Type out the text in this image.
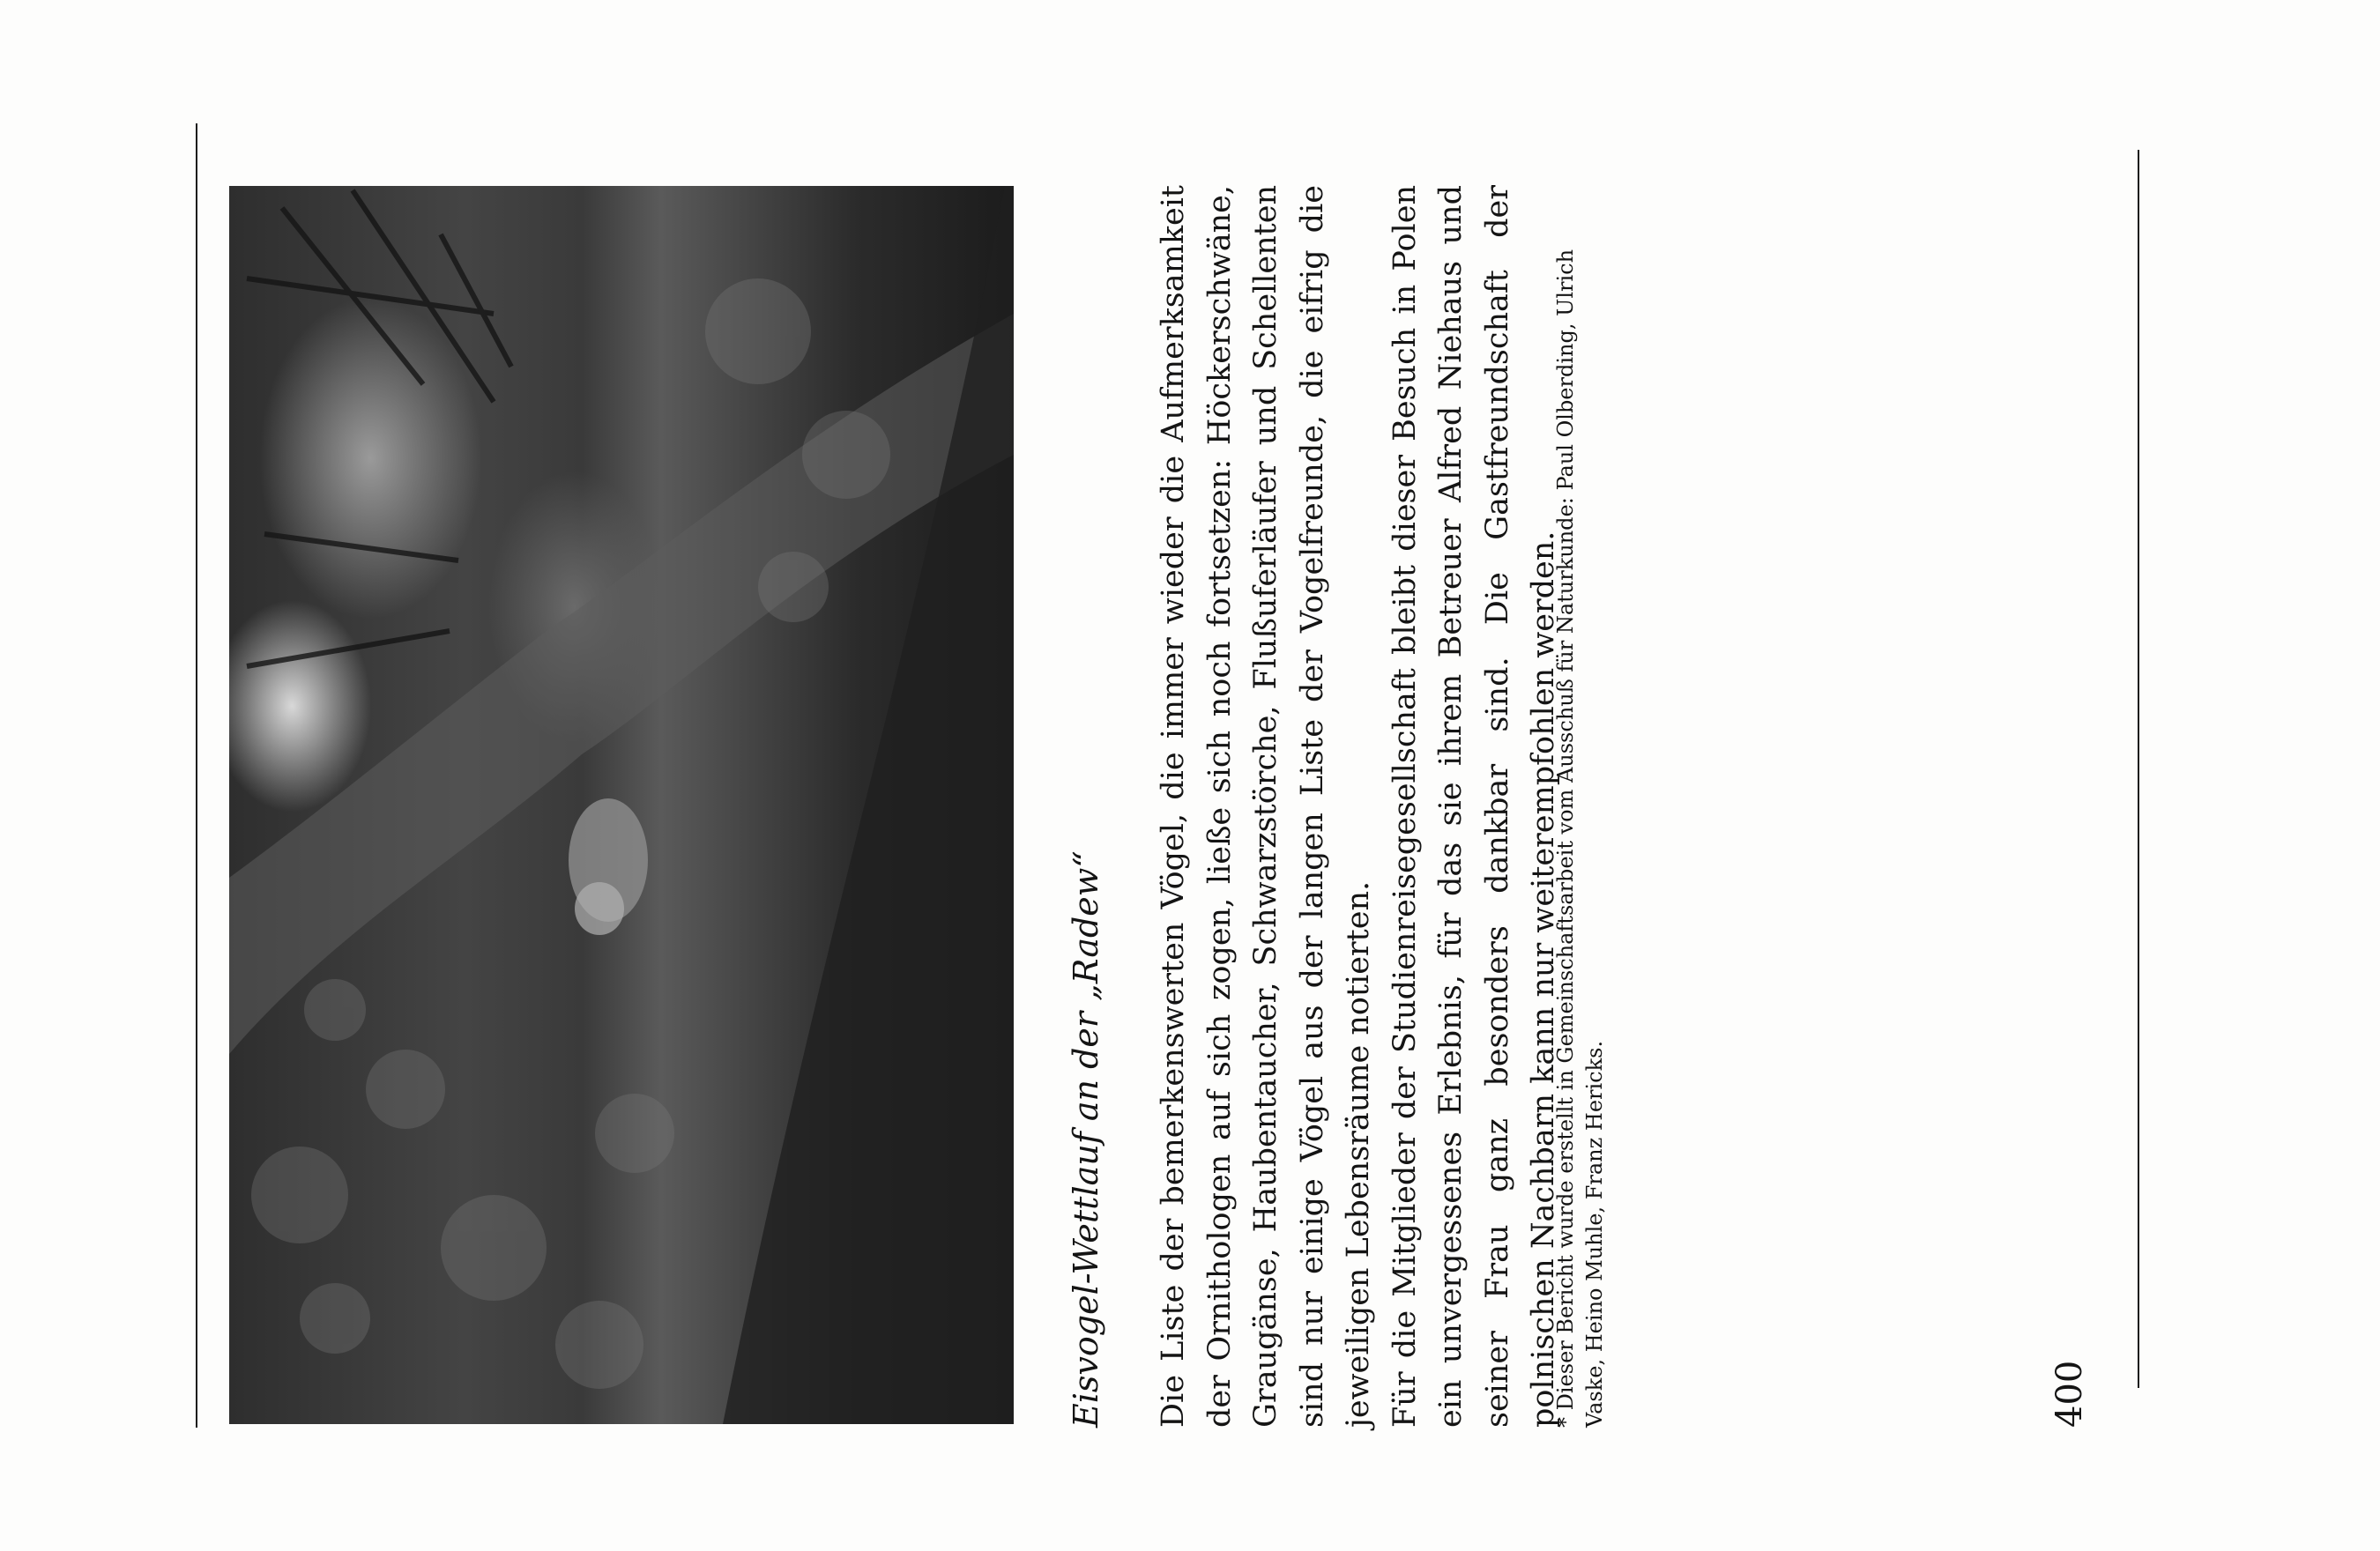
Eisvogel-Wettlauf an der „Radew“ Die Liste der bemerkenswerten Vögel, die immer wieder die Aufmerksamkeit der Ornithologen auf sich zogen, ließe sich noch fortsetzen: Höckerschwäne, Graugänse, Haubentaucher, Schwarzstörche, Flußuferläufer und Schellenten sind nur einige Vögel aus der langen Liste der Vogelfreunde, die eifrig die jeweiligen Lebensräume notierten. Für die Mitglieder der Studienreisegesellschaft bleibt dieser Besuch in Polen ein unvergessenes Erlebnis, für das sie ihrem Betreuer Alfred Niehaus und seiner Frau ganz besonders dankbar sind. Die Gastfreundschaft der polnischen Nachbarn kann nur weiterempfohlen werden.

* Dieser Bericht wurde erstellt in Gemeinschaftsarbeit vom Ausschuß für Naturkunde: Paul Olberding, Ulrich Vaske, Heino Muhle, Franz Hericks.	400
